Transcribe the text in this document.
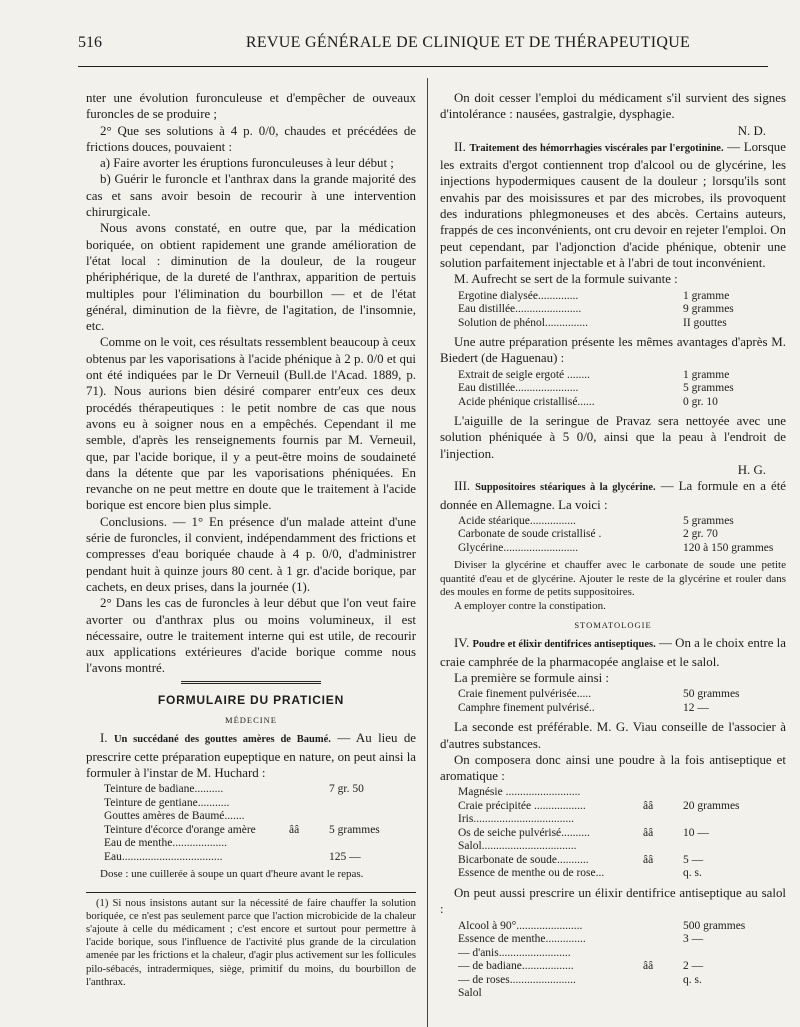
516	REVUE GÉNÉRALE DE CLINIQUE ET DE THÉRAPEUTIQUE

nter une évolution furonculeuse et d'empêcher de ouveaux furoncles de se produire ;

2° Que ses solutions à 4 p. 0/0, chaudes et précédées de frictions douces, pouvaient :

a) Faire avorter les éruptions furonculeuses à leur début ;

b) Guérir le furoncle et l'anthrax dans la grande majorité des cas et sans avoir besoin de recourir à une intervention chirurgicale.

Nous avons constaté, en outre que, par la médication boriquée, on obtient rapidement une grande amélioration de l'état local : diminution de la douleur, de la rougeur phériphérique, de la dureté de l'anthrax, apparition de pertuis multiples pour l'élimination du bourbillon — et de l'état général, diminution de la fièvre, de l'agitation, de l'insomnie, etc.

Comme on le voit, ces résultats ressemblent beaucoup à ceux obtenus par les vaporisations à l'acide phénique à 2 p. 0/0 et qui ont été indiquées par le Dr Verneuil (Bull.de l'Acad. 1889, p. 71). Nous aurions bien désiré comparer entr'eux ces deux procédés thérapeutiques : le petit nombre de cas que nous avons eu à soigner nous en a empêchés. Cependant il me semble, d'après les renseignements fournis par M. Verneuil, que, par l'acide borique, il y a peut-être moins de soudaineté dans la détente que par les vaporisations phéniquées. En revanche on ne peut mettre en doute que le traitement à l'acide borique est encore bien plus simple.

Conclusions. — 1° En présence d'un malade atteint d'une série de furoncles, il convient, indépendamment des frictions et compresses d'eau boriquée chaude à 4 p. 0/0, d'administrer pendant huit à quinze jours 80 cent. à 1 gr. d'acide borique, par cachets, en deux prises, dans la journée (1).

2° Dans les cas de furoncles à leur début que l'on veut faire avorter ou d'anthrax plus ou moins volumineux, il est nécessaire, outre le traitement interne qui est utile, de recourir aux applications extérieures d'acide borique comme nous l'avons montré.

FORMULAIRE DU PRATICIEN
MÉDECINE

I. Un succédané des gouttes amères de Baumé. — Au lieu de prescrire cette préparation eupeptique en nature, on peut ainsi la formuler à l'instar de M. Huchard :

Teinture de badiane..........	7 gr. 50
Teinture de gentiane...........
Gouttes amères de Baumé.......
Teinture d'écorce d'orange amère	ââ	5 grammes
Eau de menthe...................
Eau...................................	125 —

Dose : une cuillerée à soupe un quart d'heure avant le repas.

(1) Si nous insistons autant sur la nécessité de faire chauffer la solution boriquée, ce n'est pas seulement parce que l'action microbicide de la chaleur s'ajoute à celle du médicament ; c'est encore et surtout pour permettre à l'acide borique, sous l'influence de l'activité plus grande de la circulation amenée par les frictions et la chaleur, d'agir plus activement sur les follicules pilo-sébacés, intradermiques, siège, primitif du moins, du bourbillon de l'anthrax.

On doit cesser l'emploi du médicament s'il survient des signes d'intolérance : nausées, gastralgie, dysphagie.

N. D.

II. Traitement des hémorrhagies viscérales par l'ergotinine. — Lorsque les extraits d'ergot contiennent trop d'alcool ou de glycérine, les injections hypodermiques causent de la douleur ; lorsqu'ils sont envahis par des moisissures et par des microbes, ils provoquent des indurations phlegmoneuses et des abcès. Certains auteurs, frappés de ces inconvénients, ont cru devoir en rejeter l'emploi. On peut cependant, par l'adjonction d'acide phénique, obtenir une solution parfaitement injectable et à l'abri de tout inconvénient.

M. Aufrecht se sert de la formule suivante :

Ergotine dialysée..............	1 gramme
Eau distillée.......................	9 grammes
Solution de phénol...............	II gouttes

Une autre préparation présente les mêmes avantages d'après M. Biedert (de Haguenau) :

Extrait de seigle ergoté ........	1 gramme
Eau distillée......................	5 grammes
Acide phénique cristallisé......	0 gr. 10

L'aiguille de la seringue de Pravaz sera nettoyée avec une solution phéniquée à 5 0/0, ainsi que la peau à l'endroit de l'injection.

H. G.

III. Suppositoires stéariques à la glycérine. — La formule en a été donnée en Allemagne. La voici :

Acide stéarique................	5 grammes
Carbonate de soude cristallisé .	2 gr. 70
Glycérine..........................	120 à 150 grammes

Diviser la glycérine et chauffer avec le carbonate de soude une petite quantité d'eau et de glycérine. Ajouter le reste de la glycérine et rouler dans des moules en forme de petits suppositoires.

A employer contre la constipation.

STOMATOLOGIE

IV. Poudre et élixir dentifrices antiseptiques. — On a le choix entre la craie camphrée de la pharmacopée anglaise et le salol.

La première se formule ainsi :

Craie finement pulvérisée.....	50 grammes
Camphre finement pulvérisé..	12 —

La seconde est préférable. M. G. Viau conseille de l'associer à d'autres substances.

On composera donc ainsi une poudre à la fois antiseptique et aromatique :

Magnésie ..........................
Craie précipitée ..................	ââ	20 grammes
Iris...................................
Os de seiche pulvérisé..........	ââ	10 —
Salol.................................
Bicarbonate de soude...........	ââ	5 —
Essence de menthe ou de rose...	q. s.

On peut aussi prescrire un élixir dentifrice antiseptique au salol :

Alcool à 90°.......................	500 grammes
Essence de menthe..............	3 —
— d'anis.........................
— de badiane..................	ââ	2 —
— de roses.......................	q. s.
Salol
